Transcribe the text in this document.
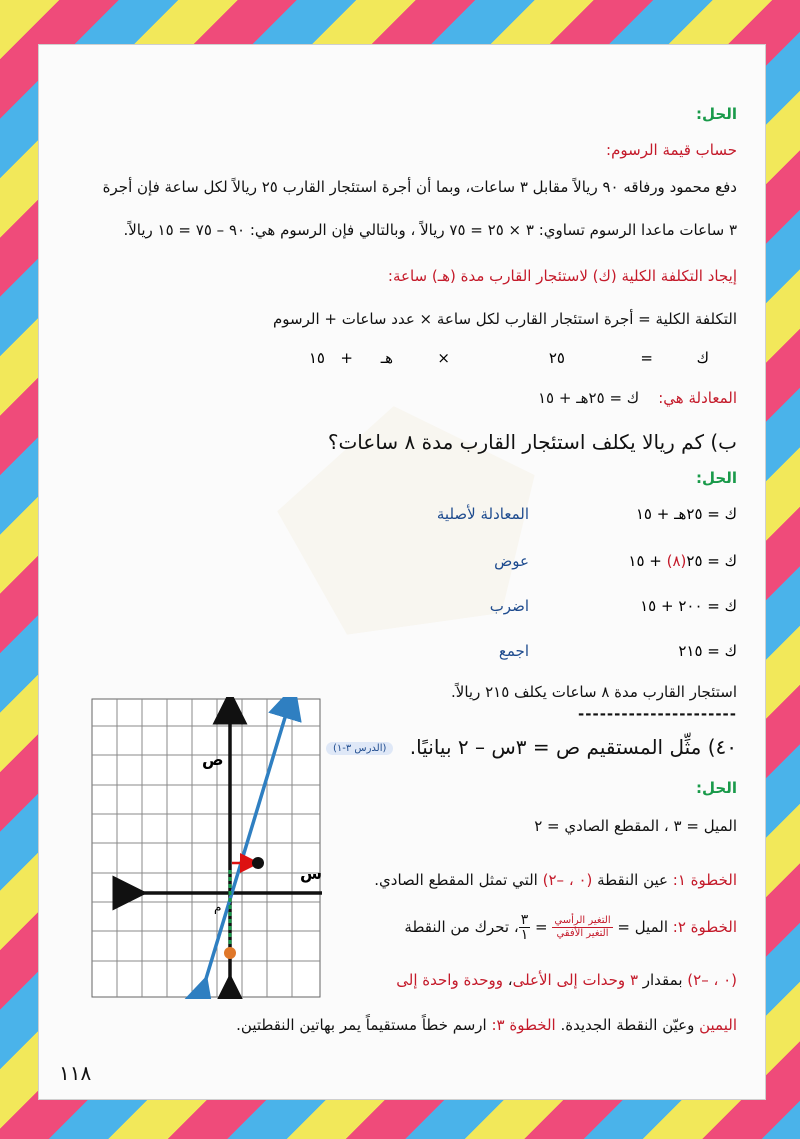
الحل:
حساب قيمة الرسوم:
دفع محمود ورفاقه ٩٠ ريالاً مقابل ٣ ساعات، وبما أن أجرة استئجار القارب ٢٥ ريالاً لكل ساعة فإن أجرة
٣ ساعات ماعدا الرسوم تساوي: ٣ × ٢٥ = ٧٥ ريالاً ، وبالتالي فإن الرسوم هي: ٩٠ – ٧٥ = ١٥ ريالاً.
إيجاد التكلفة الكلية (ك) لاستئجار القارب مدة (هـ) ساعة:
التكلفة الكلية = أجرة استئجار القارب لكل ساعة × عدد ساعات + الرسوم
ك
=
٢٥
×
هـ
+
١٥
المعادلة هي:    ك = ٢٥هـ + ١٥
ب) كم ريالا يكلف استئجار القارب مدة ٨ ساعات؟
الحل:
ك = ٢٥هـ + ١٥
المعادلة لأصلية
ك = ٢٥(٨) + ١٥
عوض
ك = ٢٠٠ + ١٥
اضرب
ك = ٢١٥
اجمع
استئجار القارب مدة ٨ ساعات يكلف ٢١٥ ريالاً.
----------------------
٤٠) مثِّل المستقيم ص = ٣س – ٢ بيانيًا. (الدرس ٣-١)
الحل:
الميل = ٣ ، المقطع الصادي = ٢
الخطوة ١: عين النقطة (٠ ، –٢) التي تمثل المقطع الصادي.
الخطوة ٢: الميل =
$\frac{\text{التغير الرأسي}}{\text{التغير الأفقي}}$
=
٣
١
، تحرك من النقطة
(٠ ، –٢) بمقدار ٣ وحدات إلى الأعلى، ووحدة واحدة إلى
اليمين وعيّن النقطة الجديدة. الخطوة ٣: ارسم خطاً مستقيماً يمر بهاتين النقطتين.
ص
س
م
١١٨
